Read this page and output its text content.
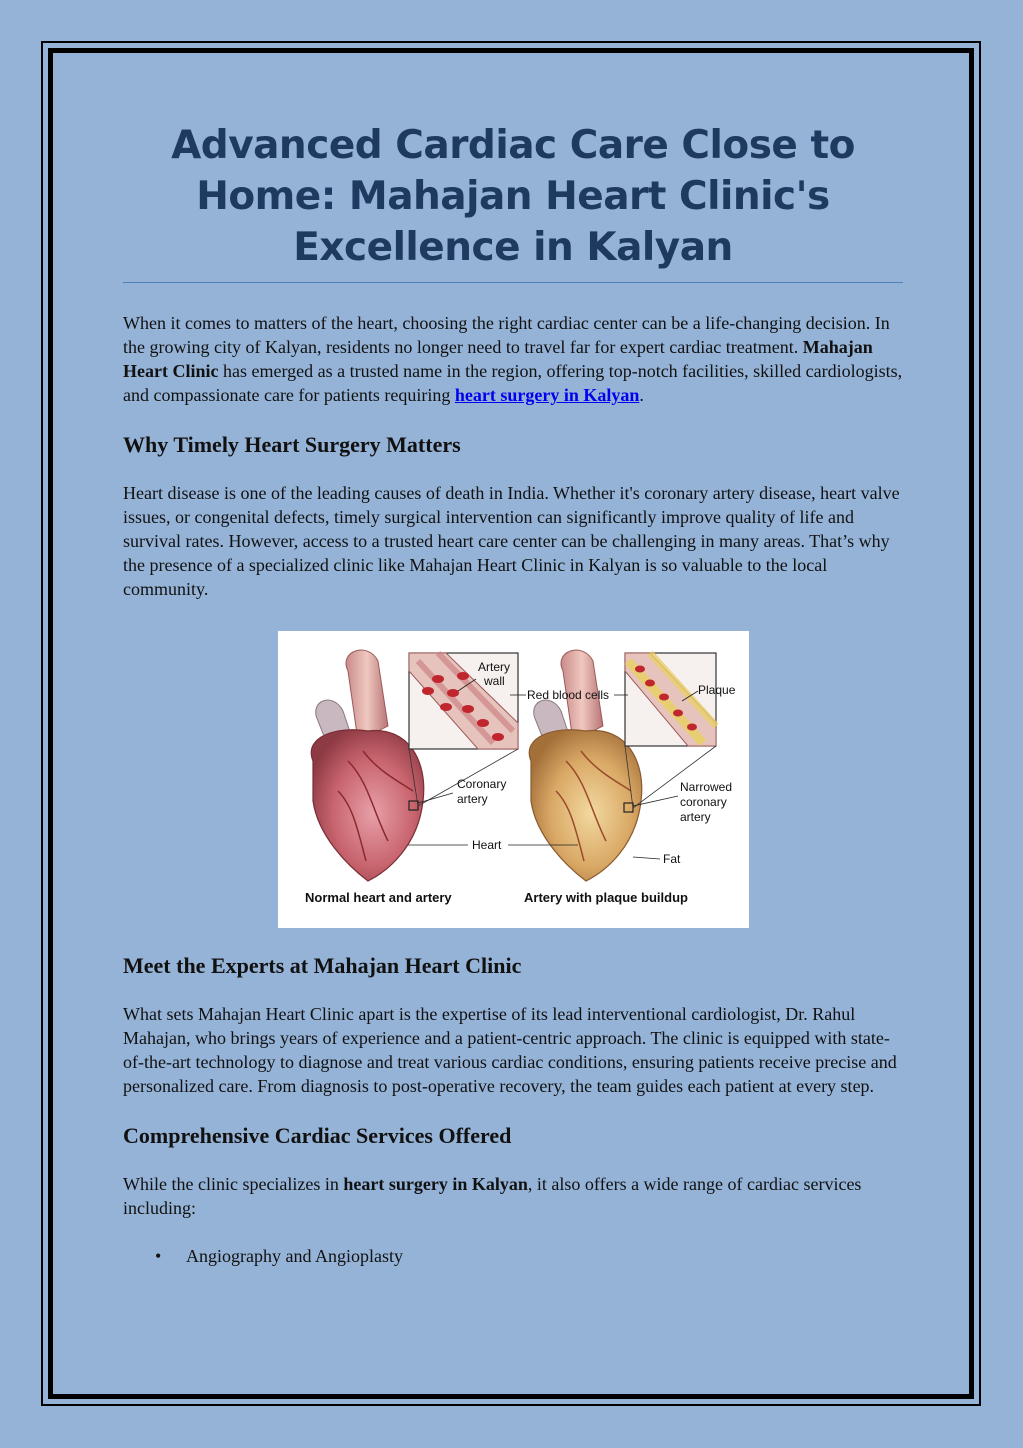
Advanced Cardiac Care Close to Home: Mahajan Heart Clinic's Excellence in Kalyan

When it comes to matters of the heart, choosing the right cardiac center can be a life-changing decision. In the growing city of Kalyan, residents no longer need to travel far for expert cardiac treatment. Mahajan Heart Clinic has emerged as a trusted name in the region, offering top-notch facilities, skilled cardiologists, and compassionate care for patients requiring heart surgery in Kalyan.

Why Timely Heart Surgery Matters

Heart disease is one of the leading causes of death in India. Whether it's coronary artery disease, heart valve issues, or congenital defects, timely surgical intervention can significantly improve quality of life and survival rates. However, access to a trusted heart care center can be challenging in many areas. That’s why the presence of a specialized clinic like Mahajan Heart Clinic in Kalyan is so valuable to the local community.

Artery
wall
Red blood cells	Plaque
Coronary
artery
Narrowed
coronary
artery
Heart
Fat
Normal heart and artery	Artery with plaque buildup
Meet the Experts at Mahajan Heart Clinic

What sets Mahajan Heart Clinic apart is the expertise of its lead interventional cardiologist, Dr. Rahul Mahajan, who brings years of experience and a patient-centric approach. The clinic is equipped with state-of-the-art technology to diagnose and treat various cardiac conditions, ensuring patients receive precise and personalized care. From diagnosis to post-operative recovery, the team guides each patient at every step.

Comprehensive Cardiac Services Offered

While the clinic specializes in heart surgery in Kalyan, it also offers a wide range of cardiac services including:

• Angiography and Angioplasty
